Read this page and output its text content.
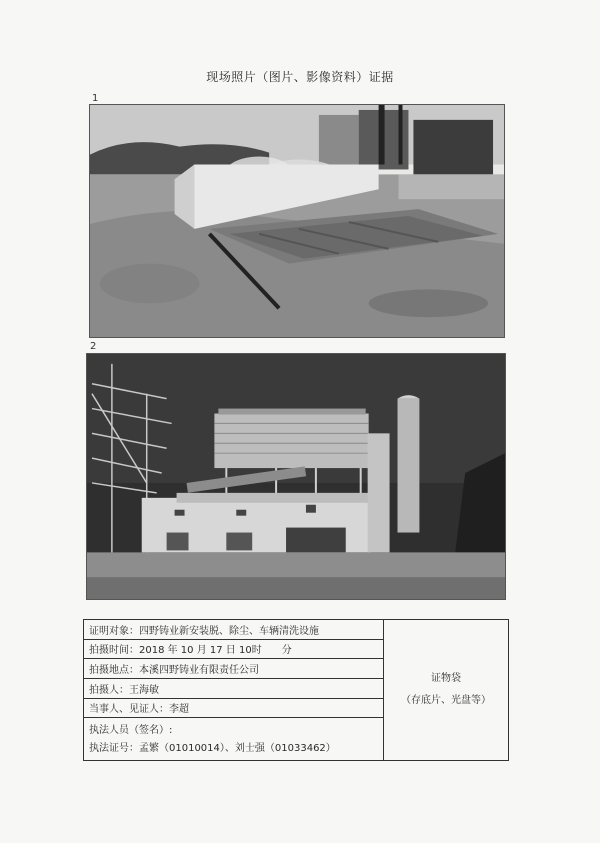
现场照片（图片、影像资料）证据
1
2
证明对象：四野铸业新安装脱、除尘、车辆清洗设施	
证物袋
（存底片、光盘等）

拍摄时间：2018 年 10 月 17 日 10时　　分
拍摄地点：本溪四野铸业有限责任公司
拍摄人：王海敏
当事人、见证人：李超

执法人员（签名）:
执法证号：孟繁（01010014）、刘士强（01033462）
